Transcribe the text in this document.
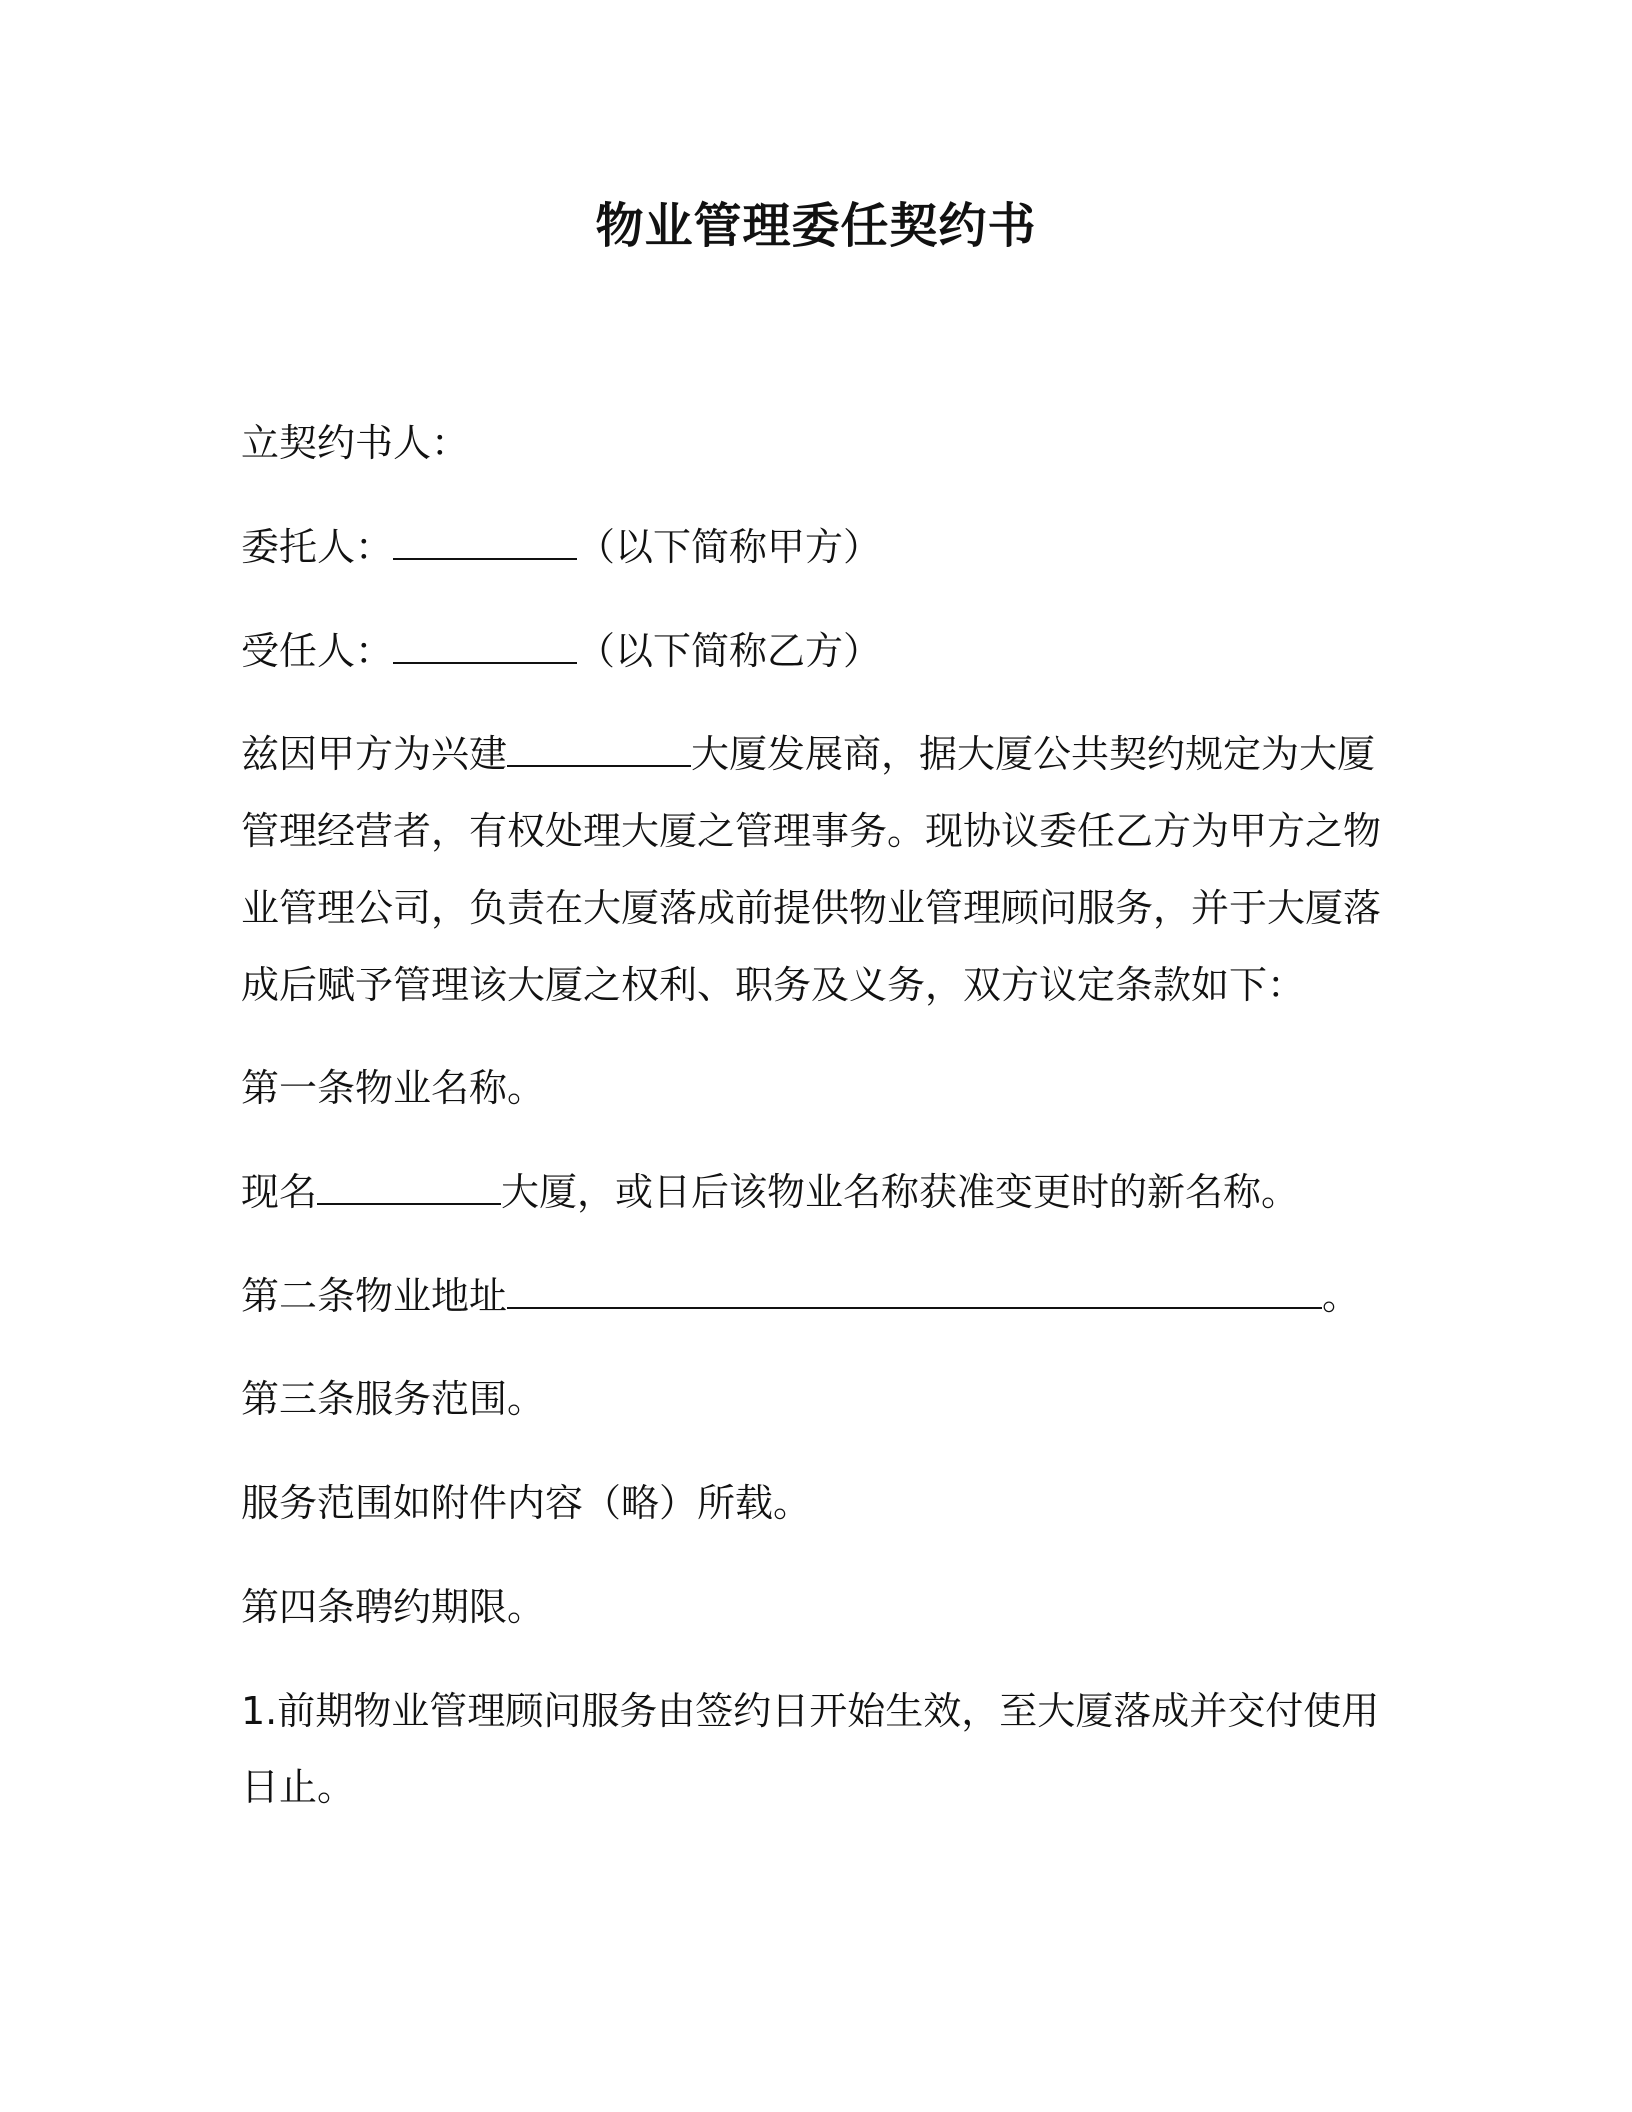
物业管理委任契约书
立契约书人：
委托人：	（以下简称甲方）
受任人：	（以下简称乙方）
兹因甲方为兴建	大厦发展商，据大厦公共契约规定为大厦
管理经营者，有权处理大厦之管理事务。现协议委任乙方为甲方之物
业管理公司，负责在大厦落成前提供物业管理顾问服务，并于大厦落
成后赋予管理该大厦之权利、职务及义务，双方议定条款如下：
第一条物业名称。
现名	大厦，或日后该物业名称获准变更时的新名称。
第二条物业地址	。
第三条服务范围。
服务范围如附件内容（略）所载。
第四条聘约期限。
1.前期物业管理顾问服务由签约日开始生效，至大厦落成并交付使用
日止。
